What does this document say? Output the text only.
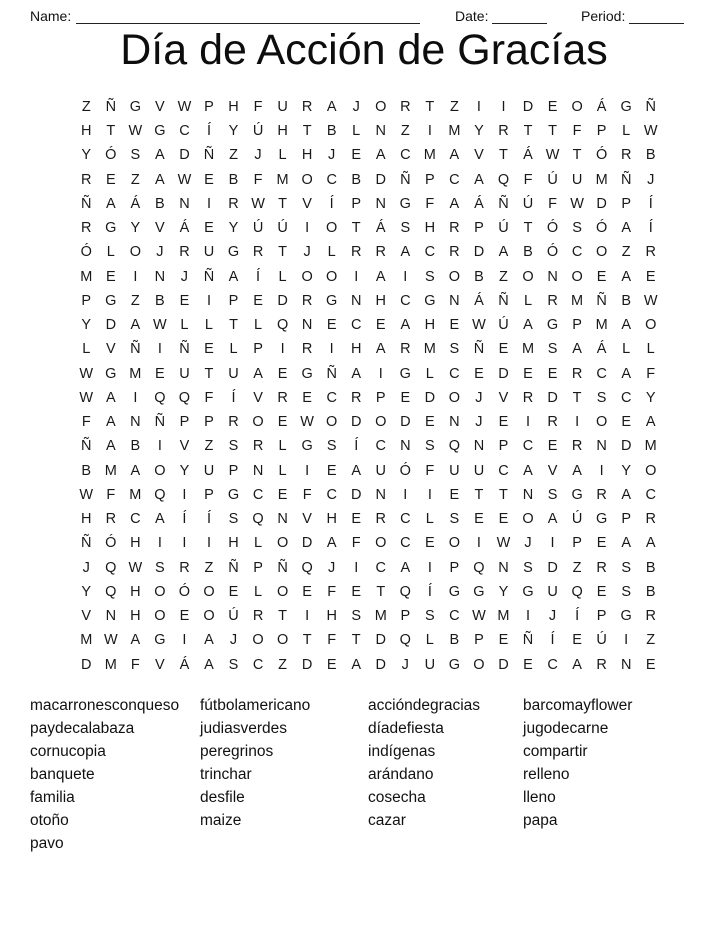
Name:	Date:	Period:
Día de Acción de Gracías
Z	Ñ G V W P H	F	U R A	J	O R	T	Z	I	I	D E O Á G Ñ
H	T W G C	Í	Y Ú H	T	B	L	N	Z	I	M Y R	T	T	F	P	L W
Y Ó S	A D Ñ	Z	J	L	H	J	E	A C M A	V	T	Á W T Ó R B
R E	Z	A W E	B	F M O C B D Ñ P C A Q F	Ú U M Ñ	J
Ñ A	Á	B N	I	R W T	V	Í	P N G F	A	Á Ñ Ú	F W D P	Í
R G Y	V	Á	E	Y Ú Ú	I	O T	Á	S H R P Ú	T Ó S Ó A	Í
Ó	L	O	J	R U G R	T	J	L	R R A C R D A	B Ó C O Z	R
M E	I	N	J	Ñ A	Í	L	O O	I	A	I	S O B	Z O N O E	A	E
P G Z	B	E	I	P	E D R G N H C G N Á Ñ	L	R M Ñ B W
Y D A W L	L	T	L	Q N E C E	A H E W Ú A G P M A O
L	V Ñ	I	Ñ E	L	P	I	R	I	H A R M S Ñ E M S	A	Á	L	L
W G M E U	T	U A	E G Ñ A	I	G	L	C E D E	E R C A	F
W A	I	Q Q F	Í	V R E C R P	E D O	J	V R D	T	S C Y
F	A N Ñ P	P R O E W O D O D E N	J	E	I	R	I	O E	A
Ñ A	B	I	V	Z	S R	L	G S	Í	C N S Q N P C E R N D M
B M A O Y U P N	L	I	E	A U Ó F	U U C A	V	A	I	Y O
W F M Q	I	P G C E	F	C D N	I	I	E	T	T	N S G R A C
H R C A	Í	Í	S Q N V H E R C	L	S	E	E O A Ú G P R
Ñ Ó H	I	I	I	H	L	O D A	F O C E O	I	W J	I	P	E	A	A
J	Q W S R	Z	Ñ P Ñ Q	J	I	C A	I	P Q N S D	Z	R S	B
Y Q H O Ó O E	L	O E	F	E	T Q	Í	G G Y G U Q E	S	B
V N H O E O Ú R	T	I	H S M P	S C W M	I	J	Í	P G R
M W A G	I	A	J	O O T	F	T	D Q	L	B	P	E Ñ	Í	E Ú	I	Z
D M F	V	Á	A	S C	Z	D E	A D	J	U G O D E C A R N E
macarronesconqueso
paydecalabaza
cornucopia
banquete
familia
otoño
pavo
fútbolamericano
judiasverdes
peregrinos
trinchar
desfile
maize
accióndegracias
díadefiesta
indígenas
arándano
cosecha
cazar
barcomayflower
jugodecarne
compartir
relleno
lleno
papa
